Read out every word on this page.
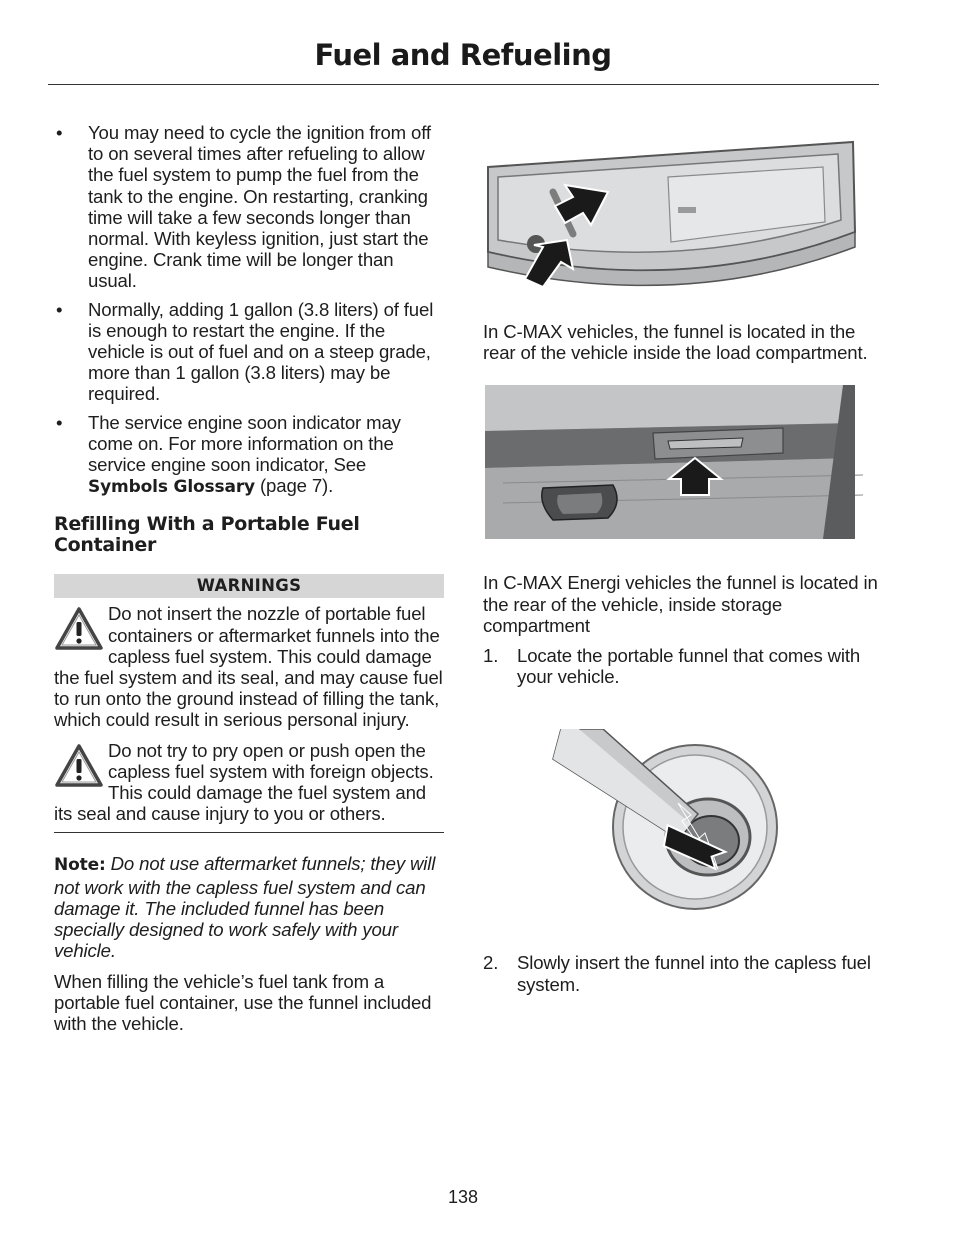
Fuel and Refueling
• You may need to cycle the ignition from off to on several times after refueling to allow the fuel system to pump the fuel from the tank to the engine. On restarting, cranking time will take a few seconds longer than normal. With keyless ignition, just start the engine. Crank time will be longer than usual.
• Normally, adding 1 gallon (3.8 liters) of fuel is enough to restart the engine. If the vehicle is out of fuel and on a steep grade, more than 1 gallon (3.8 liters) may be required.
• The service engine soon indicator may come on. For more information on the service engine soon indicator, See Symbols Glossary (page 7).
Refilling With a Portable Fuel Container
WARNINGS
Do not insert the nozzle of portable fuel containers or aftermarket funnels into the capless fuel system. This could damage the fuel system and its seal, and may cause fuel to run onto the ground instead of filling the tank, which could result in serious personal injury.
Do not try to pry open or push open the capless fuel system with foreign objects. This could damage the fuel system and its seal and cause injury to you or others.

Note: Do not use aftermarket funnels; they will not work with the capless fuel system and can damage it. The included funnel has been specially designed to work safely with your vehicle.

When filling the vehicle’s fuel tank from a portable fuel container, use the funnel included with the vehicle.

In C-MAX vehicles, the funnel is located in the rear of the vehicle inside the load compartment.

In C-MAX Energi vehicles the funnel is located in the rear of the vehicle, inside storage compartment

1. Locate the portable funnel that comes with your vehicle.
2. Slowly insert the funnel into the capless fuel system.
138
